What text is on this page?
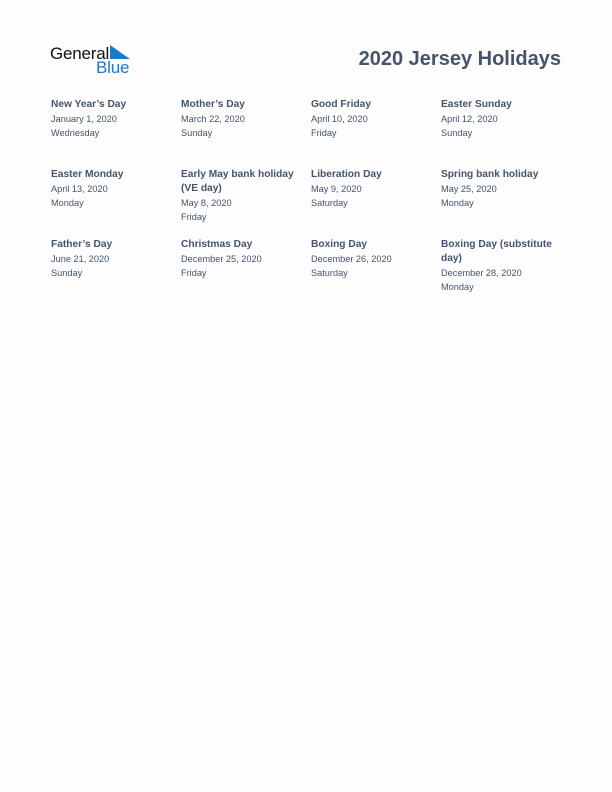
General
Blue	2020 Jersey Holidays
New Year’s Day
January 1, 2020
Wednesday
Mother’s Day
March 22, 2020
Sunday
Good Friday
April 10, 2020
Friday
Easter Sunday
April 12, 2020
Sunday
Easter Monday
April 13, 2020
Monday
Early May bank holiday (VE day)
May 8, 2020
Friday
Liberation Day
May 9, 2020
Saturday
Spring bank holiday
May 25, 2020
Monday
Father’s Day
June 21, 2020
Sunday
Christmas Day
December 25, 2020
Friday
Boxing Day
December 26, 2020
Saturday
Boxing Day (substitute day)
December 28, 2020
Monday
